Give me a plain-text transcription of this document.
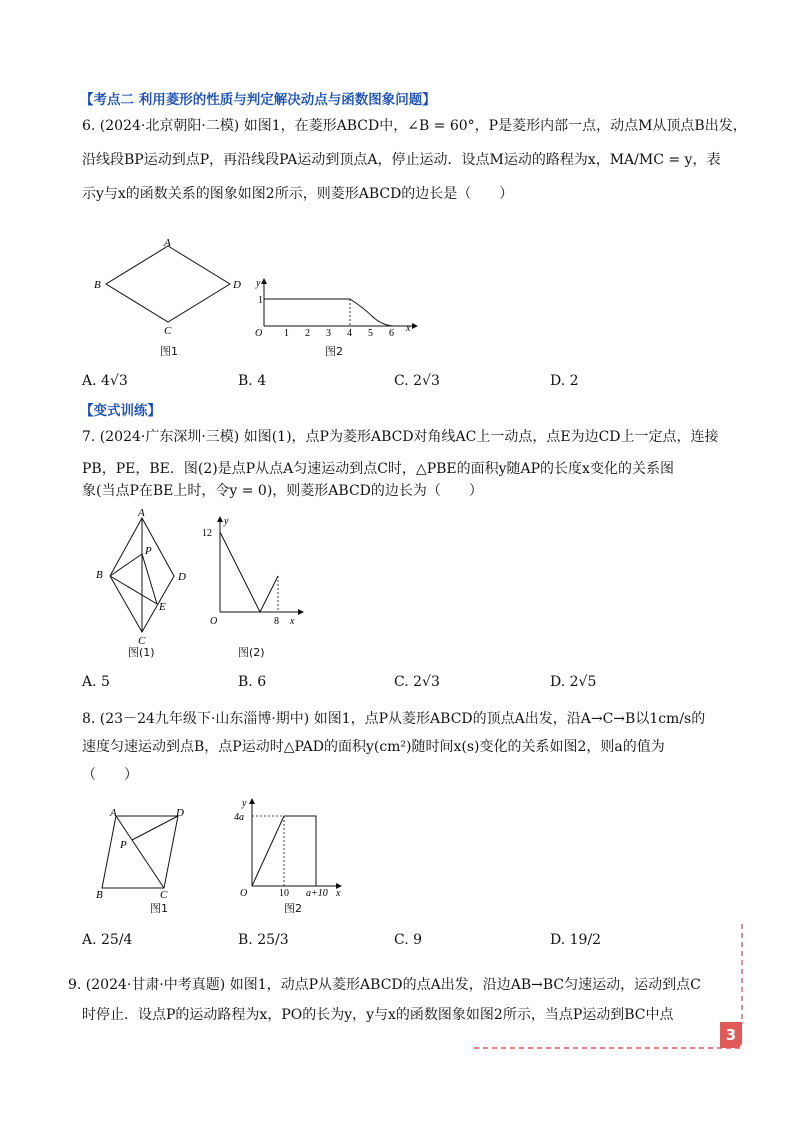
【考点二 利用菱形的性质与判定解决动点与函数图象问题】
6. (2024·北京朝阳·二模) 如图1，在菱形ABCD中，∠B = 60°，P是菱形内部一点，动点M从顶点B出发，
沿线段BP运动到点P，再沿线段PA运动到顶点A，停止运动．设点M运动的路程为x，MA/MC = y，表
示y与x的函数关系的图象如图2所示，则菱形ABCD的边长是（　　）
A
B
C
D
图1
y
1
O 1 2 3 4 5 6 x
图2
A. 4√3	B. 4	C. 2√3	D. 2
【变式训练】
7. (2024·广东深圳·三模) 如图(1)，点P为菱形ABCD对角线AC上一动点，点E为边CD上一定点，连接
PB，PE，BE．图(2)是点P从点A匀速运动到点C时，△PBE的面积y随AP的长度x变化的关系图
象(当点P在BE上时，令y = 0)，则菱形ABCD的边长为（　　）
A
P
B	D
E
C
图(1)
y
12
O	8 x
图(2)
A. 5	B. 6	C. 2√3	D. 2√5
8. (23－24九年级下·山东淄博·期中) 如图1，点P从菱形ABCD的顶点A出发，沿A→C→B以1cm/s的
速度匀速运动到点B，点P运动时△PAD的面积y(cm²)随时间x(s)变化的关系如图2，则a的值为
（　　）
A	D
P
B	C
图1
y
4a
O	10 a+10 x
图2
A. 25/4	B. 25/3	C. 9	D. 19/2
9. (2024·甘肃·中考真题) 如图1，动点P从菱形ABCD的点A出发，沿边AB→BC匀速运动，运动到点C
时停止．设点P的运动路程为x，PO的长为y，y与x的函数图象如图2所示，当点P运动到BC中点
3
